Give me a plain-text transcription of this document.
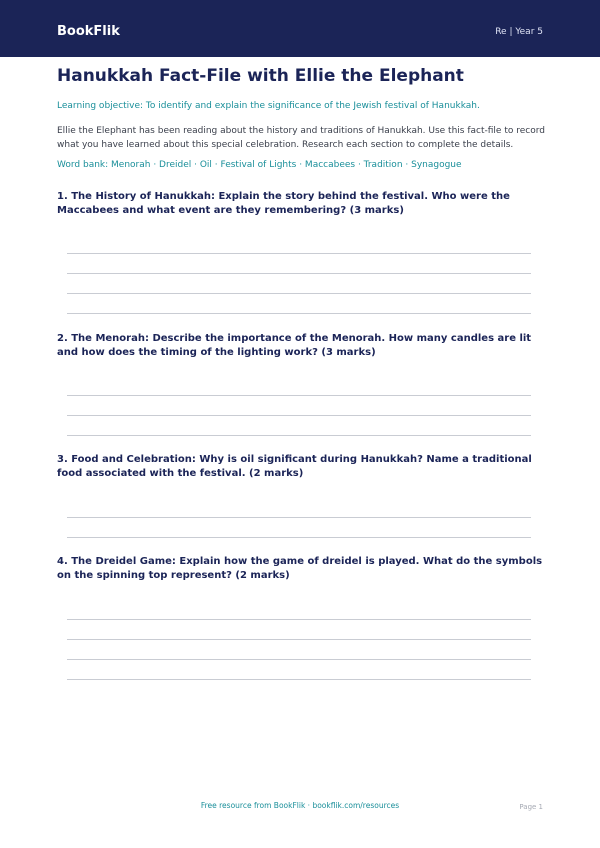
BookFlik	Re | Year 5
Hanukkah Fact-File with Ellie the Elephant
Learning objective: To identify and explain the significance of the Jewish festival of Hanukkah.
Ellie the Elephant has been reading about the history and traditions of Hanukkah. Use this fact-file to record what you have learned about this special celebration. Research each section to complete the details.
Word bank: Menorah · Dreidel · Oil · Festival of Lights · Maccabees · Tradition · Synagogue
1. The History of Hanukkah: Explain the story behind the festival. Who were the Maccabees and what event are they remembering? (3 marks)
2. The Menorah: Describe the importance of the Menorah. How many candles are lit and how does the timing of the lighting work? (3 marks)
3. Food and Celebration: Why is oil significant during Hanukkah? Name a traditional food associated with the festival. (2 marks)
4. The Dreidel Game: Explain how the game of dreidel is played. What do the symbols on the spinning top represent? (2 marks)
Free resource from BookFlik · bookflik.com/resources	Page 1
